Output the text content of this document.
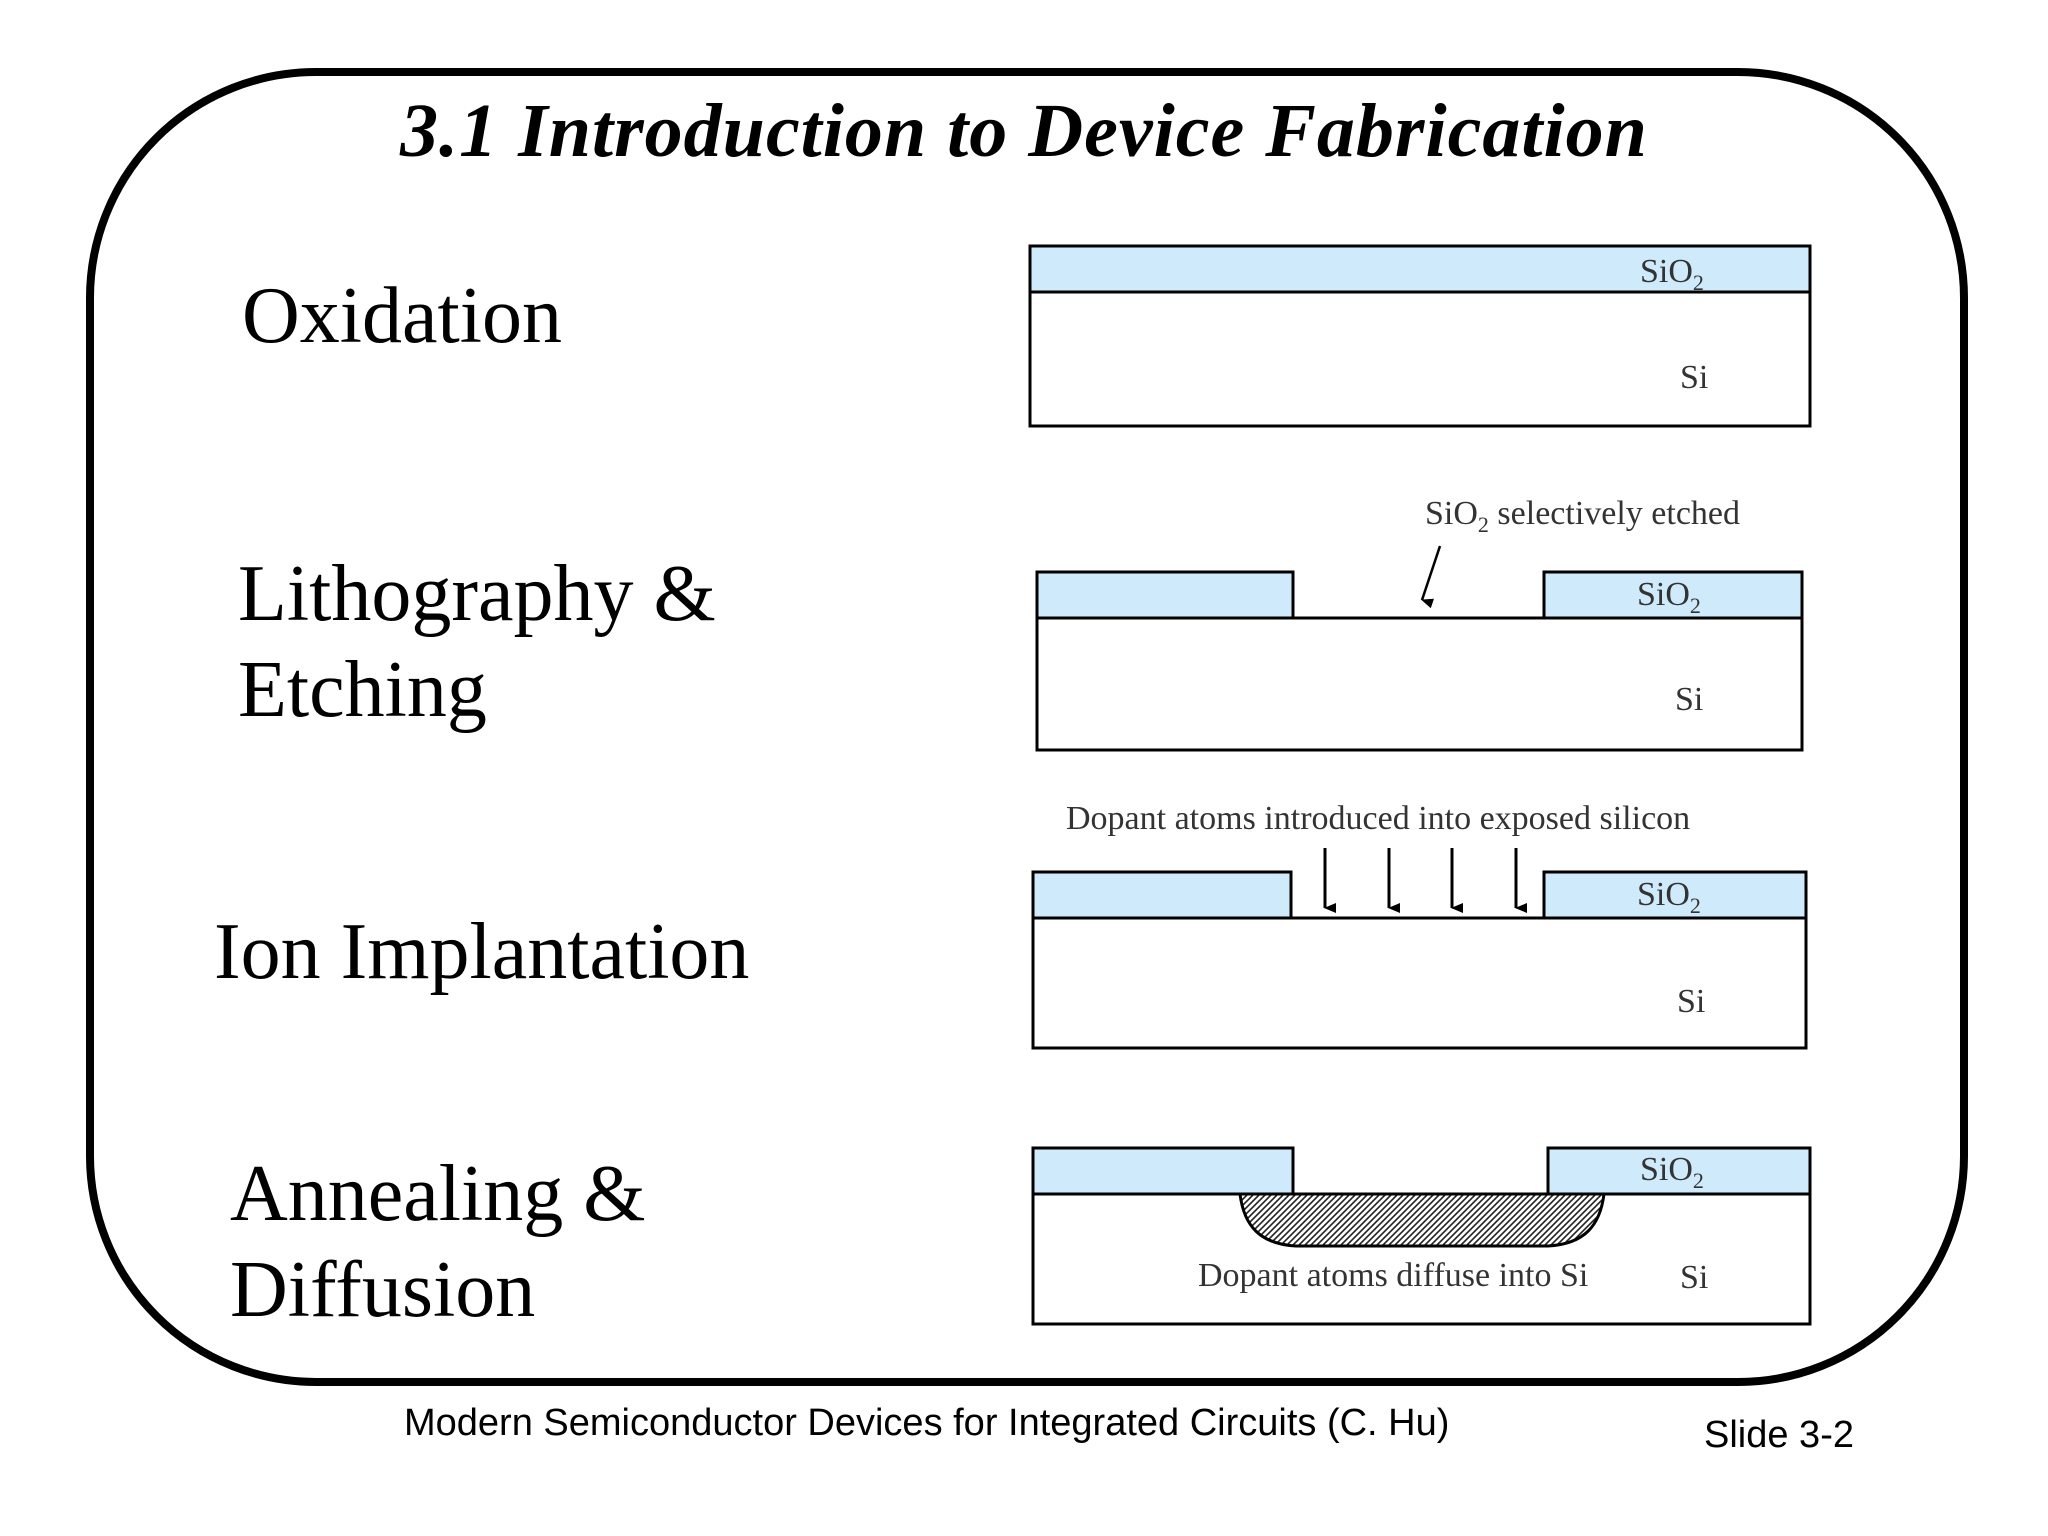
3.1 Introduction to Device Fabrication
Oxidation
Lithography &
Etching
Ion Implantation
Annealing &
Diffusion
SiO$_2$
Si
SiO$_2$ selectively etched
SiO$_2$
Si
Dopant atoms introduced into exposed silicon
SiO$_2$
Si
SiO$_2$
Dopant atoms diffuse into Si	Si
Modern Semiconductor Devices for Integrated Circuits (C. Hu)	Slide 3-2
